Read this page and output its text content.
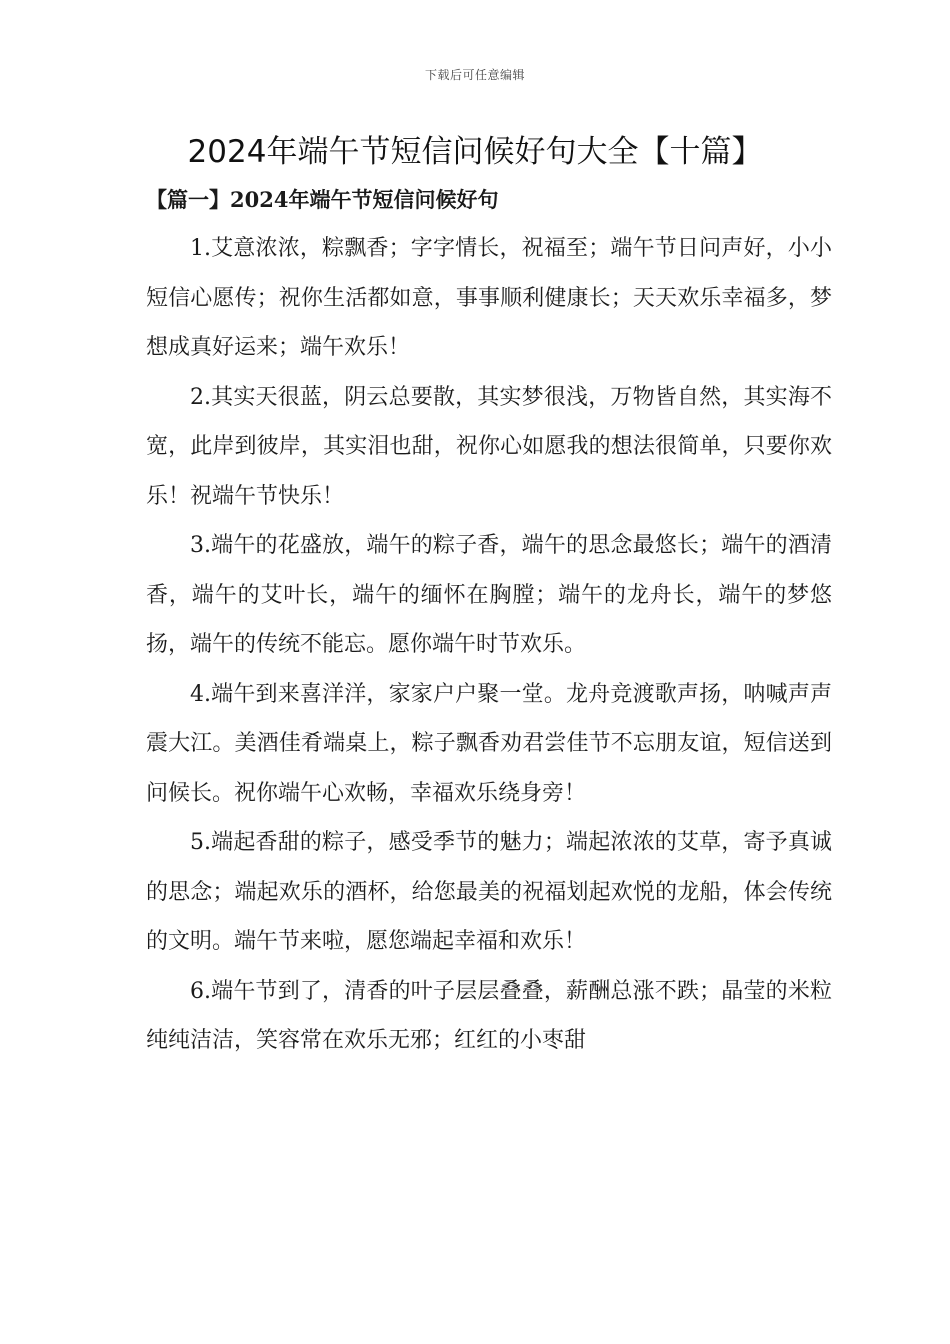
下载后可任意编辑
2024年端午节短信问候好句大全【十篇】
【篇一】2024年端午节短信问候好句

1.艾意浓浓，粽飘香；字字情长，祝福至；端午节日问声好，小小短信心愿传；祝你生活都如意，事事顺利健康长；天天欢乐幸福多，梦想成真好运来；端午欢乐！

2.其实天很蓝，阴云总要散，其实梦很浅，万物皆自然，其实海不宽，此岸到彼岸，其实泪也甜，祝你心如愿我的想法很简单，只要你欢乐！祝端午节快乐！

3.端午的花盛放，端午的粽子香，端午的思念最悠长；端午的酒清香，端午的艾叶长，端午的缅怀在胸膛；端午的龙舟长，端午的梦悠扬，端午的传统不能忘。愿你端午时节欢乐。

4.端午到来喜洋洋，家家户户聚一堂。龙舟竞渡歌声扬，呐喊声声震大江。美酒佳肴端桌上，粽子飘香劝君尝佳节不忘朋友谊，短信送到问候长。祝你端午心欢畅，幸福欢乐绕身旁！

5.端起香甜的粽子，感受季节的魅力；端起浓浓的艾草，寄予真诚的思念；端起欢乐的酒杯，给您最美的祝福划起欢悦的龙船，体会传统的文明。端午节来啦，愿您端起幸福和欢乐！

6.端午节到了，清香的叶子层层叠叠，薪酬总涨不跌；晶莹的米粒纯纯洁洁，笑容常在欢乐无邪；红红的小枣甜
